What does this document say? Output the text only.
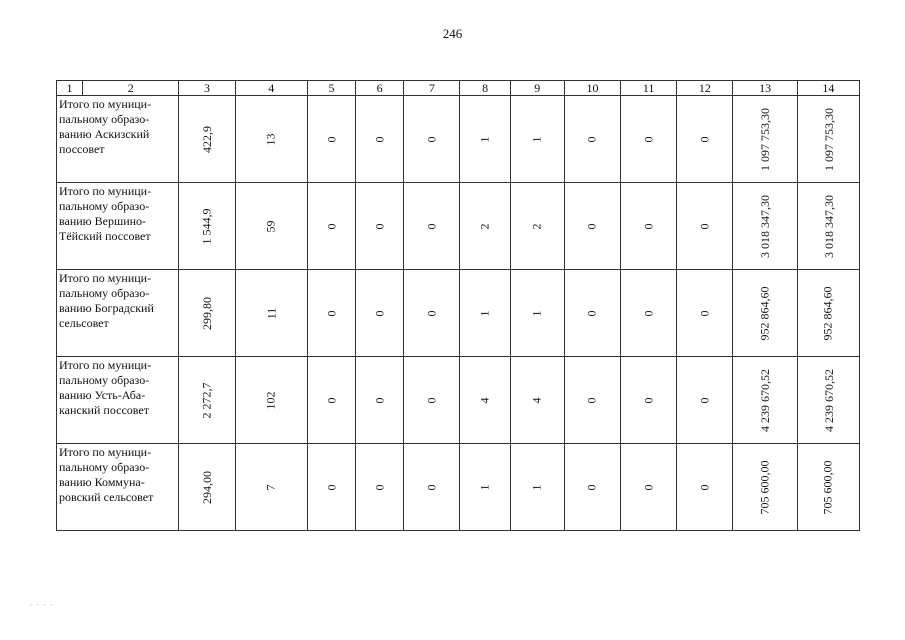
246
1	2	3	4	5	6	7	8	9	10	11	12	13	14
Итого по муници-пальному образо-ванию Аскизский поссовет		422,9	13	0	0	0	1	1	0	0	0	1 097 753,30	1 097 753,30
Итого по муници-пальному образо-ванию Вершино-Тёйский поссовет		1 544,9	59	0	0	0	2	2	0	0	0	3 018 347,30	3 018 347,30
Итого по муници-пальному образо-ванию Боградский сельсовет		299,80	11	0	0	0	1	1	0	0	0	952 864,60	952 864,60
Итого по муници-пальному образо-ванию Усть-Аба-канский поссовет		2 272,7	102	0	0	0	4	4	0	0	0	4 239 670,52	4 239 670,52
Итого по муници-пальному образо-ванию Коммуна-ровский сельсовет		294,00	7	0	0	0	1	1	0	0	0	705 600,00	705 600,00
- - - -
